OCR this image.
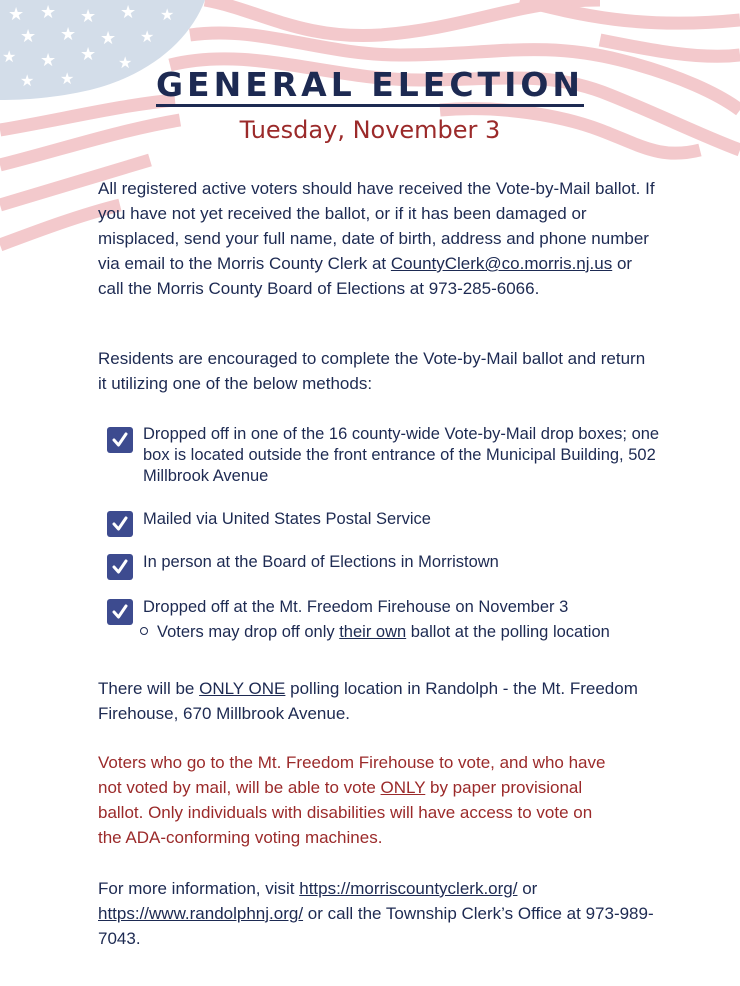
★ ★ ★ ★ ★
★ ★ ★ ★
★ ★ ★ ★
★ ★	GENERAL ELECTION
Tuesday, November 3
All registered active voters should have received the Vote-by-Mail ballot. If you have not yet received the ballot, or if it has been damaged or misplaced, send your full name, date of birth, address and phone number via email to the Morris County Clerk at CountyClerk@co.morris.nj.us or call the Morris County Board of Elections at 973-285-6066.
Residents are encouraged to complete the Vote-by-Mail ballot and return it utilizing one of the below methods:
Dropped off in one of the 16 county-wide Vote-by-Mail drop boxes; one box is located outside the front entrance of the Municipal Building, 502 Millbrook Avenue
Mailed via United States Postal Service
In person at the Board of Elections in Morristown
Dropped off at the Mt. Freedom Firehouse on November 3
Voters may drop off only their own ballot at the polling location
There will be ONLY ONE polling location in Randolph - the Mt. Freedom Firehouse, 670 Millbrook Avenue.
Voters who go to the Mt. Freedom Firehouse to vote, and who have not voted by mail, will be able to vote ONLY by paper provisional ballot. Only individuals with disabilities will have access to vote on the ADA-conforming voting machines.
For more information, visit https://morriscountyclerk.org/ or https://www.randolphnj.org/ or call the Township Clerk’s Office at 973-989-7043.
